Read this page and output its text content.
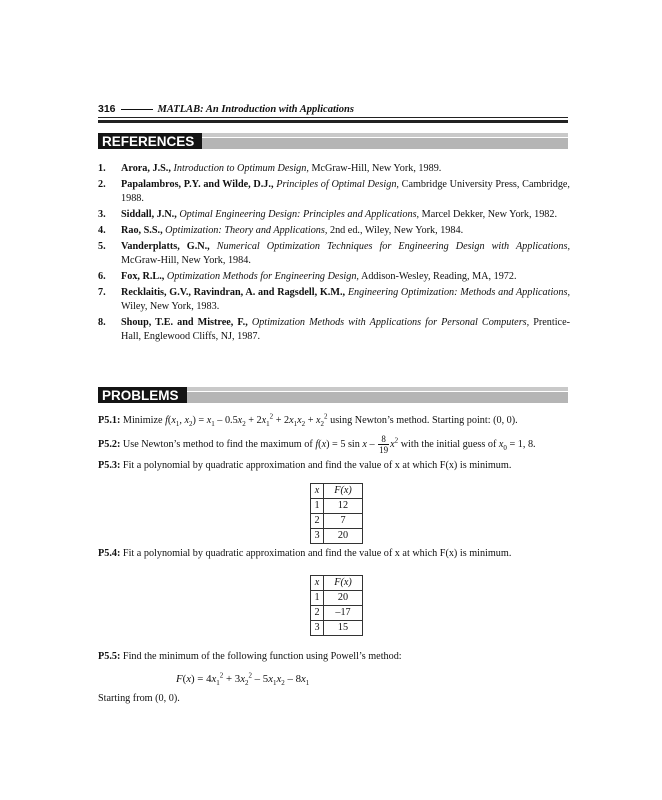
316	MATLAB: An Introduction with Applications
REFERENCES
1. Arora, J.S., Introduction to Optimum Design, McGraw-Hill, New York, 1989.
2. Papalambros, P.Y. and Wilde, D.J., Principles of Optimal Design, Cambridge University Press, Cambridge, 1988.
3. Siddall, J.N., Optimal Engineering Design: Principles and Applications, Marcel Dekker, New York, 1982.
4. Rao, S.S., Optimization: Theory and Applications, 2nd ed., Wiley, New York, 1984.
5. Vanderplatts, G.N., Numerical Optimization Techniques for Engineering Design with Applications, McGraw-Hill, New York, 1984.
6. Fox, R.L., Optimization Methods for Engineering Design, Addison-Wesley, Reading, MA, 1972.
7. Recklaitis, G.V., Ravindran, A. and Ragsdell, K.M., Engineering Optimization: Methods and Applications, Wiley, New York, 1983.
8. Shoup, T.E. and Mistree, F., Optimization Methods with Applications for Personal Computers, Prentice-Hall, Englewood Cliffs, NJ, 1987.
PROBLEMS

P5.1: Minimize $f(x_1$, $x_2) = x_1 - 0.5x_2 + 2x_1^2 + 2x_1x_2 + x_2^2$ using Newton’s method. Starting point: (0, 0).

P5.2: Use Newton’s method to find the maximum of f(x) = 5 sin x – $\frac{8}{19} x^2$ with the initial guess of $x_0 = 1$, 8.

P5.3: Fit a polynomial by quadratic approximation and find the value of x at which F(x) is minimum.

x	F(x)
1	12
2	7
3	20

P5.4: Fit a polynomial by quadratic approximation and find the value of x at which F(x) is minimum.

x	F(x)
1	20
2	–17
3	15

P5.5: Find the minimum of the following function using Powell’s method:

$F(x) = 4x_1^2 + 3x_2^2 - 5x_1x_2 - 8x_1$

Starting from (0, 0).
